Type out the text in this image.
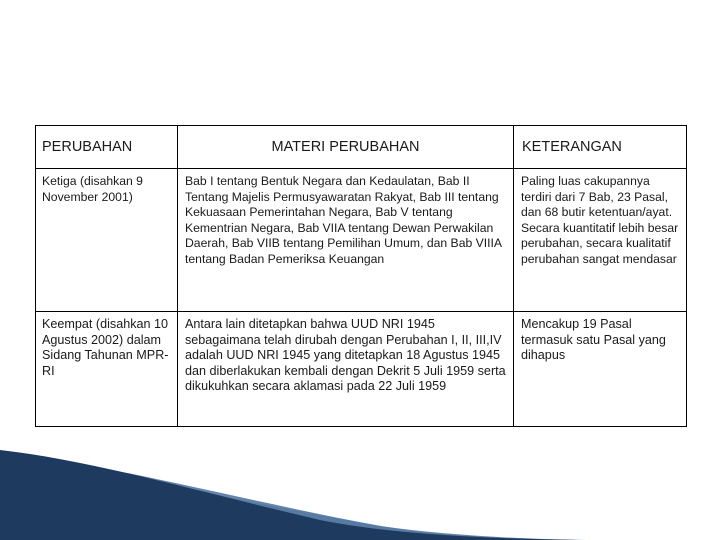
PERUBAHAN	MATERI PERUBAHAN	KETERANGAN
Ketiga (disahkan 9 November 2001)	Bab I tentang Bentuk Negara dan Kedaulatan, Bab II Tentang Majelis Permusyawaratan Rakyat, Bab III tentang Kekuasaan Pemerintahan Negara, Bab V tentang Kementrian Negara, Bab VIIA tentang Dewan Perwakilan Daerah, Bab VIIB tentang Pemilihan Umum, dan Bab VIIIA tentang Badan Pemeriksa Keuangan	Paling luas cakupannya terdiri dari 7 Bab, 23 Pasal, dan 68 butir ketentuan/ayat. Secara kuantitatif lebih besar perubahan, secara kualitatif perubahan sangat mendasar
Keempat (disahkan 10 Agustus 2002) dalam Sidang Tahunan MPR-RI	Antara lain ditetapkan bahwa UUD NRI 1945 sebagaimana telah dirubah dengan Perubahan I, II, III,IV adalah UUD NRI 1945 yang ditetapkan 18 Agustus 1945 dan diberlakukan kembali dengan Dekrit 5 Juli 1959 serta dikukuhkan secara aklamasi pada 22 Juli 1959	Mencakup 19 Pasal termasuk satu Pasal yang dihapus
